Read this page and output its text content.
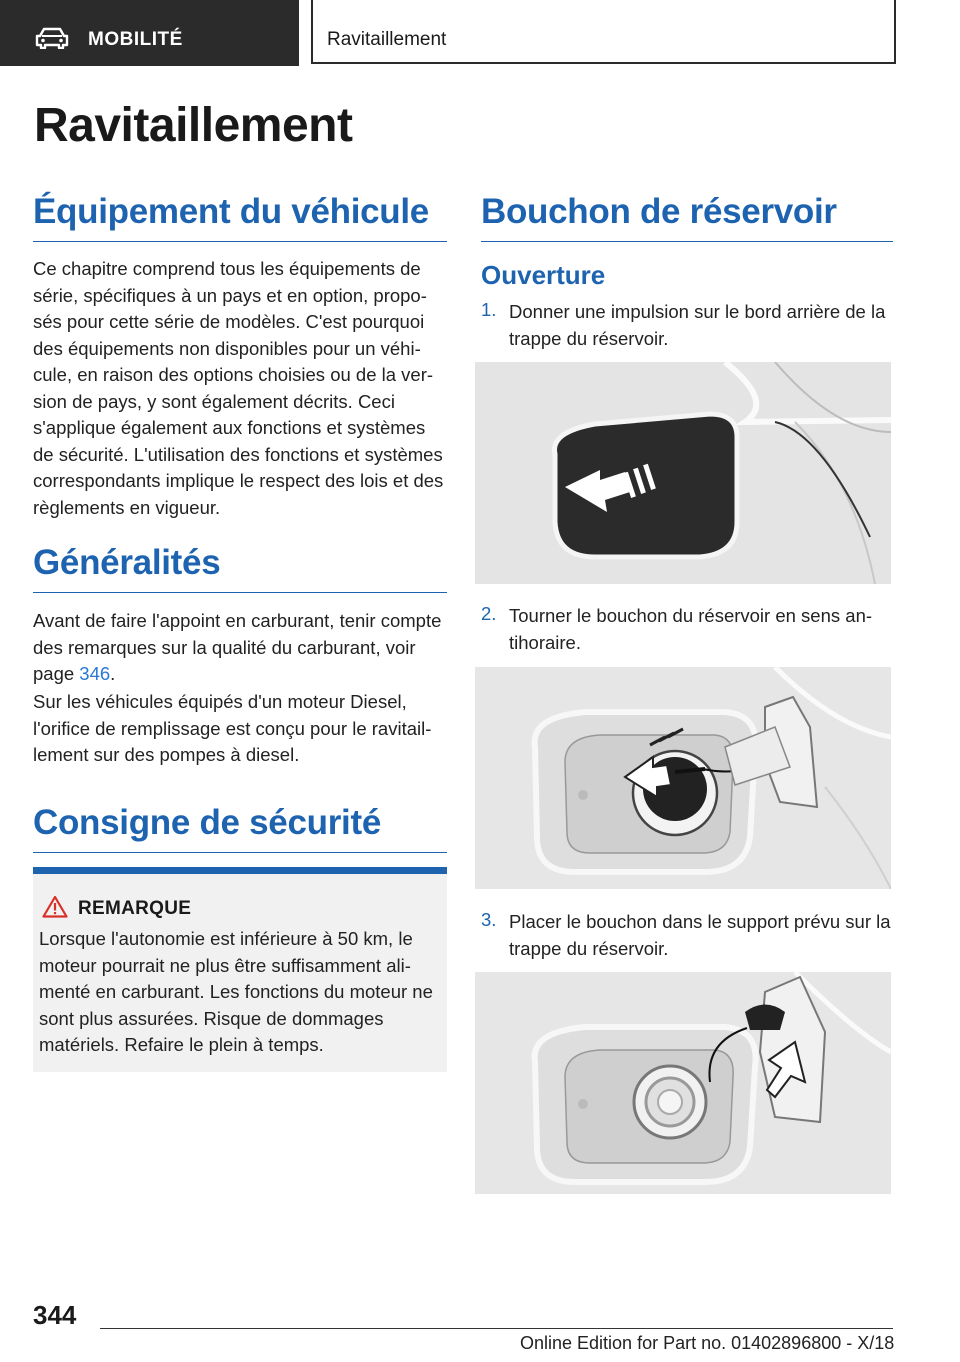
MOBILITÉ	Ravitaillement
Ravitaillement
Équipement du véhicule

Ce chapitre comprend tous les équipements de série, spécifiques à un pays et en option, proposés pour cette série de modèles. C'est pourquoi des équipements non disponibles pour un véhicule, en raison des options choisies ou de la version de pays, y sont également décrits. Ceci s'applique également aux fonctions et systèmes de sécurité. L'utilisation des fonctions et systèmes correspondants implique le respect des lois et des règlements en vigueur.

Généralités

Avant de faire l'appoint en carburant, tenir compte des remarques sur la qualité du carburant, voir page 346.

Sur les véhicules équipés d'un moteur Diesel, l'orifice de remplissage est conçu pour le ravitaillement sur des pompes à diesel.

Consigne de sécurité
REMARQUE
Lorsque l'autonomie est inférieure à 50 km, le moteur pourrait ne plus être suffisamment alimenté en carburant. Les fonctions du moteur ne sont plus assurées. Risque de dommages matériels. Refaire le plein à temps.
Bouchon de réservoir
Ouverture
1. Donner une impulsion sur le bord arrière de la trappe du réservoir.
2. Tourner le bouchon du réservoir en sens antihoraire.
3. Placer le bouchon dans le support prévu sur la trappe du réservoir.
344
Online Edition for Part no. 01402896800 - X/18
